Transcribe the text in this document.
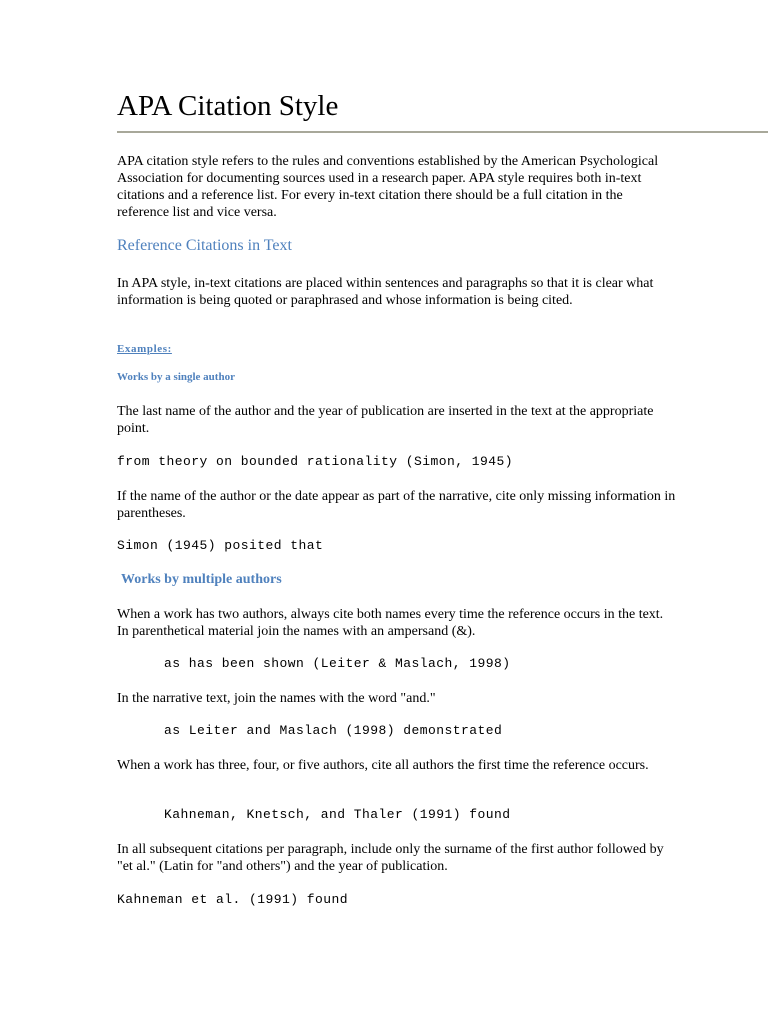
APA Citation Style

APA citation style refers to the rules and conventions established by the American Psychological Association for documenting sources used in a research paper. APA style requires both in-text citations and a reference list. For every in-text citation there should be a full citation in the reference list and vice versa.

Reference Citations in Text

In APA style, in-text citations are placed within sentences and paragraphs so that it is clear what information is being quoted or paraphrased and whose information is being cited.

Examples:
Works by a single author

The last name of the author and the year of publication are inserted in the text at the appropriate point.

from theory on bounded rationality (Simon, 1945)

If the name of the author or the date appear as part of the narrative, cite only missing information in parentheses.

Simon (1945) posited that
Works by multiple authors

When a work has two authors, always cite both names every time the reference occurs in the text. In parenthetical material join the names with an ampersand (&).

as has been shown (Leiter & Maslach, 1998)

In the narrative text, join the names with the word "and."

as Leiter and Maslach (1998) demonstrated

When a work has three, four, or five authors, cite all authors the first time the reference occurs.

Kahneman, Knetsch, and Thaler (1991) found

In all subsequent citations per paragraph, include only the surname of the first author followed by "et al." (Latin for "and others") and the year of publication.

Kahneman et al. (1991) found
